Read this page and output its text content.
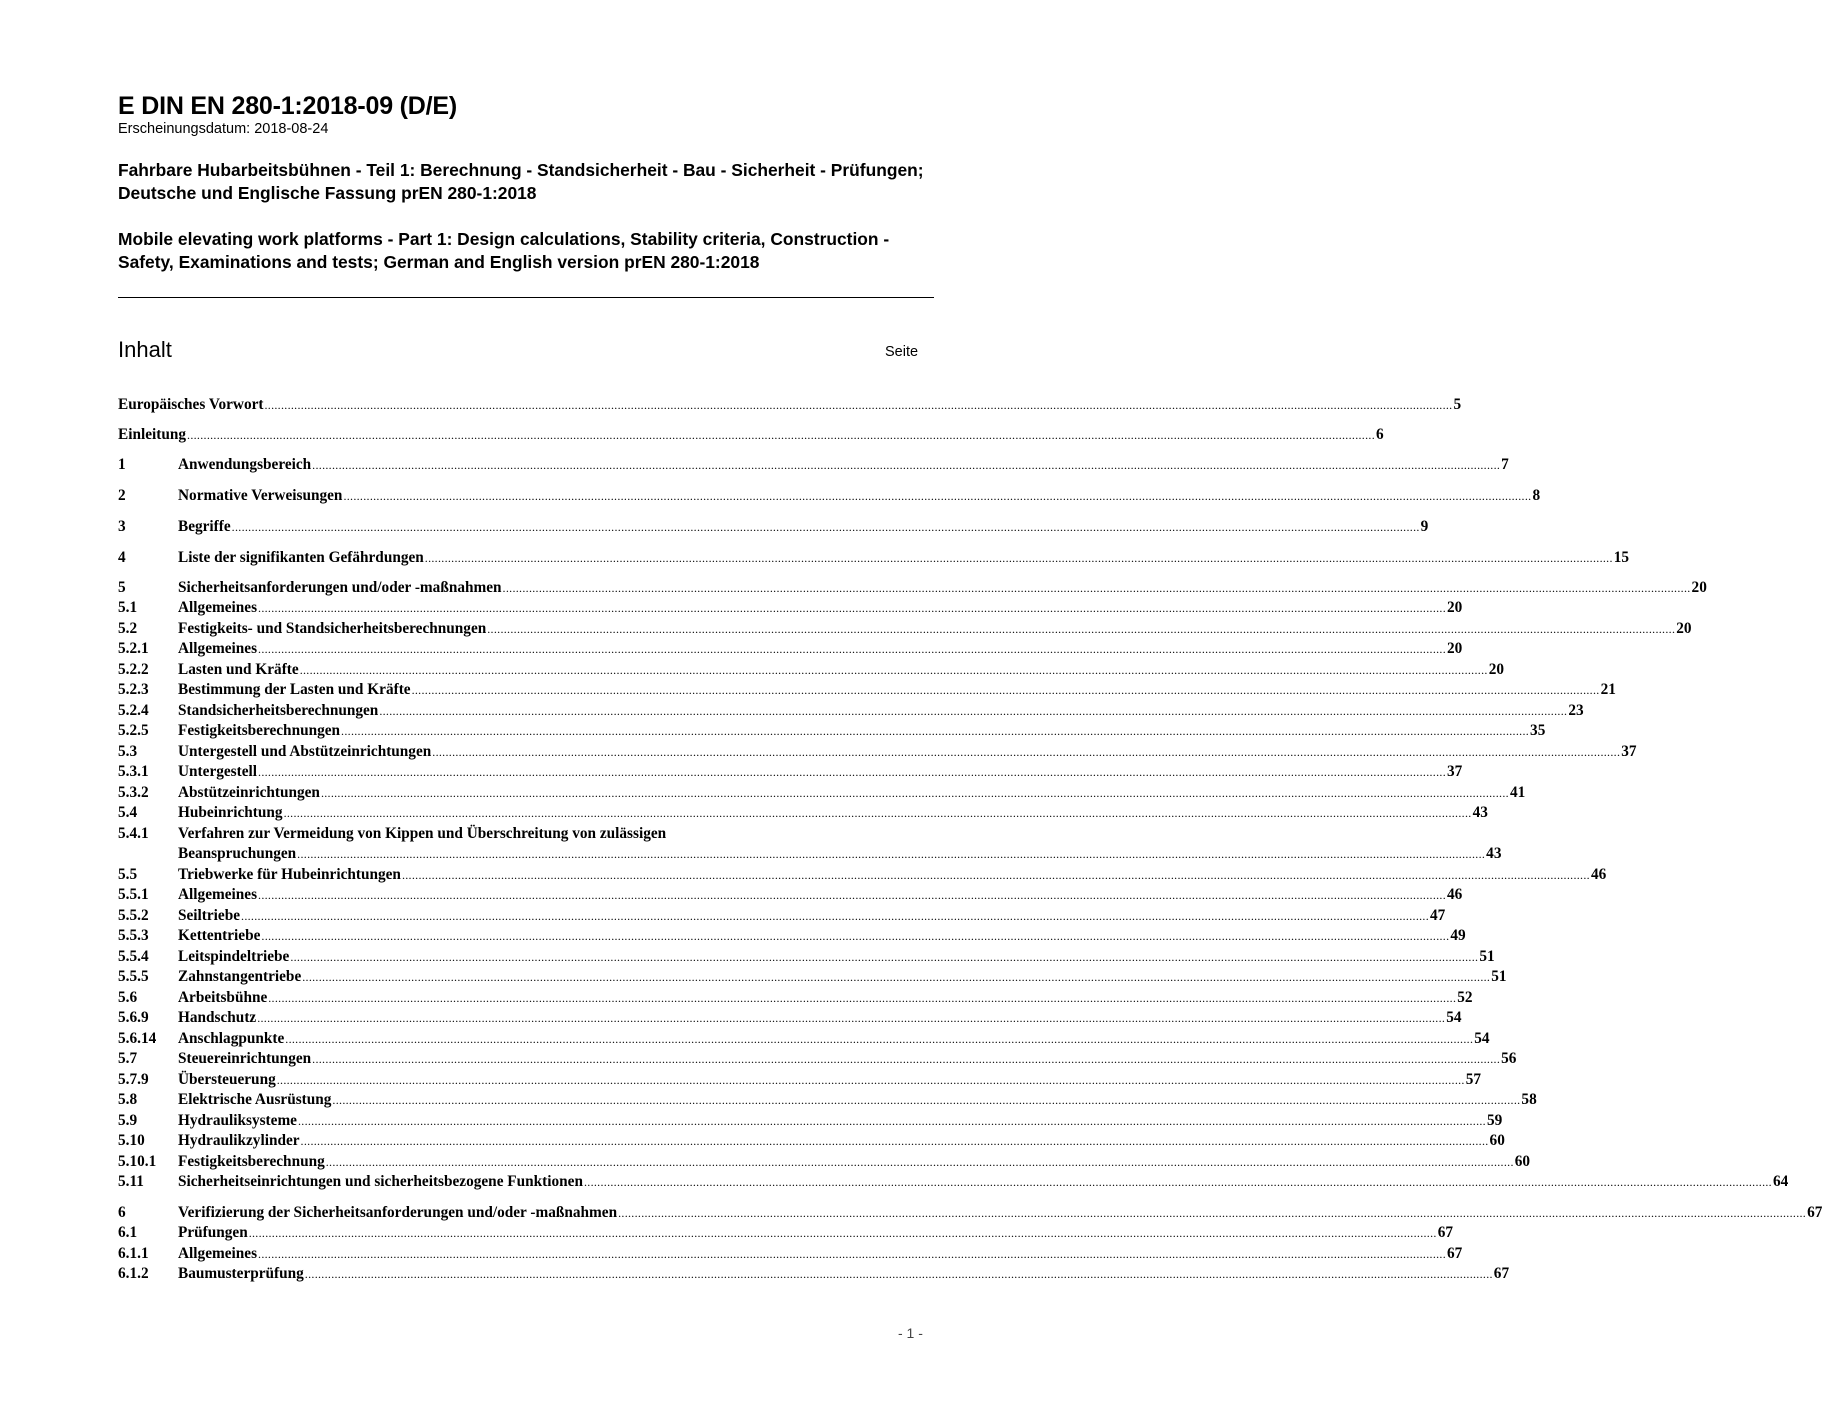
E DIN EN 280-1:2018-09 (D/E)
Erscheinungsdatum: 2018-08-24
Fahrbare Hubarbeitsbühnen - Teil 1: Berechnung - Standsicherheit - Bau - Sicherheit - Prüfungen; Deutsche und Englische Fassung prEN 280-1:2018
Mobile elevating work platforms - Part 1: Design calculations, Stability criteria, Construction - Safety, Examinations and tests; German and English version prEN 280-1:2018
Inhalt	Seite
Europäisches Vorwort .....	5
Einleitung .....	6
1	Anwendungsbereich .....	7
2	Normative Verweisungen .....	8
3	Begriffe .....	9
4	Liste der signifikanten Gefährdungen .....	15
5	Sicherheitsanforderungen und/oder -maßnahmen .....	20
5.1	Allgemeines .....	20
5.2	Festigkeits- und Standsicherheitsberechnungen .....	20
5.2.1	Allgemeines .....	20
5.2.2	Lasten und Kräfte .....	20
5.2.3	Bestimmung der Lasten und Kräfte .....	21
5.2.4	Standsicherheitsberechnungen .....	23
5.2.5	Festigkeitsberechnungen .....	35
5.3	Untergestell und Abstützeinrichtungen .....	37
5.3.1	Untergestell .....	37
5.3.2	Abstützeinrichtungen .....	41
5.4	Hubeinrichtung .....	43
5.4.1 Verfahren zur Vermeidung von Kippen und Überschreitung von zulässigen
Beanspruchungen .....	43
5.5	Triebwerke für Hubeinrichtungen .....	46
5.5.1	Allgemeines .....	46
5.5.2	Seiltriebe .....	47
5.5.3	Kettentriebe .....	49
5.5.4	Leitspindeltriebe .....	51
5.5.5	Zahnstangentriebe .....	51
5.6	Arbeitsbühne .....	52
5.6.9	Handschutz .....	54
5.6.14	Anschlagpunkte .....	54
5.7	Steuereinrichtungen .....	56
5.7.9	Übersteuerung .....	57
5.8	Elektrische Ausrüstung .....	58
5.9	Hydrauliksysteme .....	59
5.10	Hydraulikzylinder .....	60
5.10.1	Festigkeitsberechnung .....	60
5.11	Sicherheitseinrichtungen und sicherheitsbezogene Funktionen .....	64
6	Verifizierung der Sicherheitsanforderungen und/oder -maßnahmen .....	67
6.1	Prüfungen .....	67
6.1.1	Allgemeines .....	67
6.1.2	Baumusterprüfung .....	67
- 1 -
